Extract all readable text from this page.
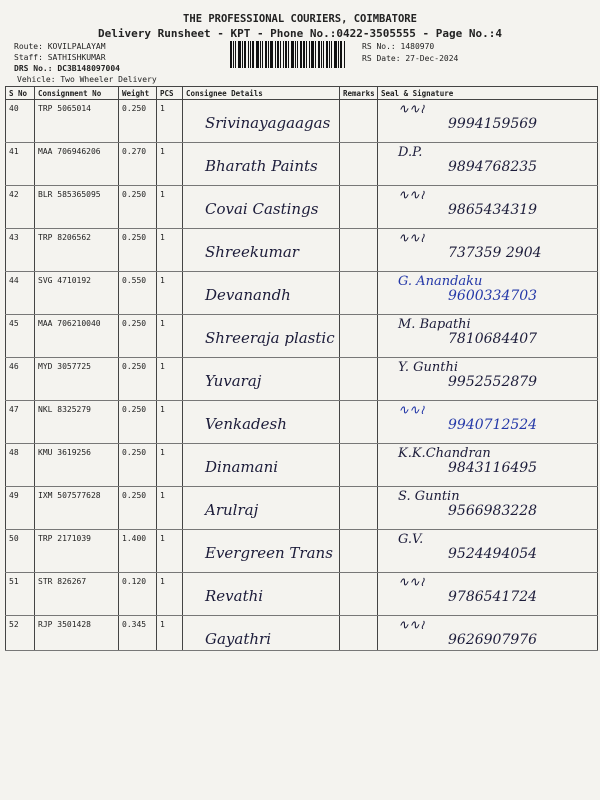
THE PROFESSIONAL COURIERS, COIMBATORE
Delivery Runsheet - KPT - Phone No.:0422-3505555 - Page No.:4
Route: KOVILPALAYAM
Staff: SATHISHKUMAR
DRS No.: DC3B148097004
Vehicle: Two Wheeler Delivery
RS No.: 1480970
RS Date: 27-Dec-2024
S No	Consignment No	Weight	PCS	Consignee Details	Remarks	Seal & Signature
40	TRP 5065014	0.250	1	Srivinayagaagas		∿∿≀
9994159569

41	MAA 706946206	0.270	1	Bharath Paints		D.P.
9894768235

42	BLR 585365095	0.250	1	Covai Castings		∿∿≀
9865434319

43	TRP 8206562	0.250	1	Shreekumar		∿∿≀
737359 2904

44	SVG 4710192	0.550	1	Devanandh		G. Anandaku
9600334703

45	MAA 706210040	0.250	1	Shreeraja plastic		M. Bapathi
7810684407

46	MYD 3057725	0.250	1	Yuvaraj		Y. Gunthi
9952552879

47	NKL 8325279	0.250	1	Venkadesh		∿∿≀
9940712524

48	KMU 3619256	0.250	1	Dinamani		K.K.Chandran
9843116495

49	IXM 507577628	0.250	1	Arulraj		S. Guntin
9566983228

50	TRP 2171039	1.400	1	Evergreen Trans		G.V.
9524494054

51	STR 826267	0.120	1	Revathi		∿∿≀
9786541724

52	RJP 3501428	0.345	1	Gayathri		∿∿≀
9626907976
